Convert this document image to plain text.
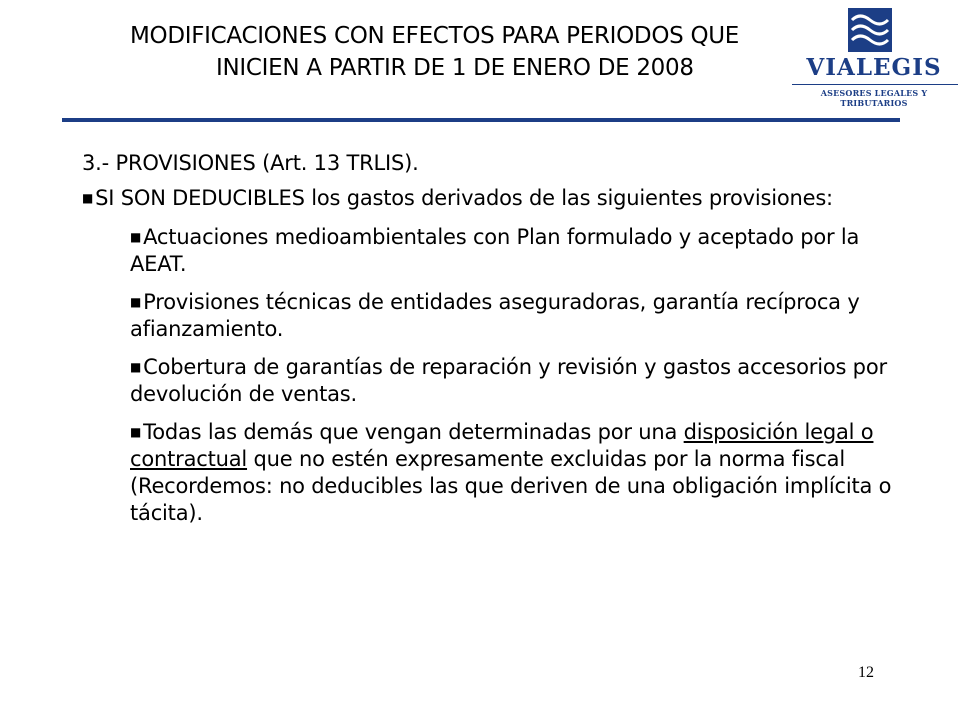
MODIFICACIONES CON EFECTOS PARA PERIODOS QUE
INICIEN A PARTIR DE 1 DE ENERO DE 2008	VIALEGIS
ASESORES LEGALES Y TRIBUTARIOS

3.- PROVISIONES (Art. 13 TRLIS).

■SI SON DEDUCIBLES los gastos derivados de las siguientes provisiones:

■Actuaciones medioambientales con Plan formulado y aceptado por la AEAT.

■Provisiones técnicas de entidades aseguradoras, garantía recíproca y afianzamiento.

■Cobertura de garantías de reparación y revisión y gastos accesorios por devolución de ventas.

■Todas las demás que vengan determinadas por una disposición legal o contractual que no estén expresamente excluidas por la norma fiscal (Recordemos: no deducibles las que deriven de una obligación implícita o tácita).

12
